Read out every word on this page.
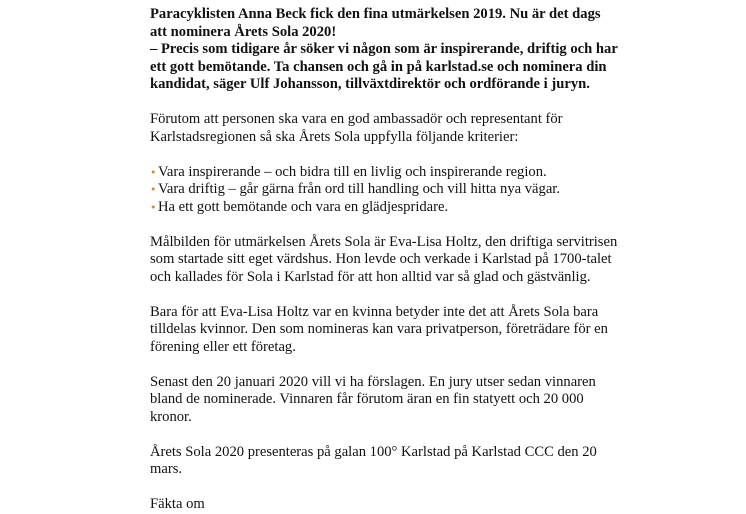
Paracyklisten Anna Beck fick den fina utmärkelsen 2019. Nu är det dags att nominera Årets Sola 2020!

– Precis som tidigare år söker vi någon som är inspirerande, driftig och har ett gott bemötande. Ta chansen och gå in på karlstad.se och nominera din kandidat, säger Ulf Johansson, tillväxtdirektör och ordförande i juryn.

Förutom att personen ska vara en god ambassadör och representant för Karlstadsregionen så ska Årets Sola uppfylla följande kriterier:

• Vara inspirerande – och bidra till en livlig och inspirerande region.
• Vara driftig – går gärna från ord till handling och vill hitta nya vägar.
• Ha ett gott bemötande och vara en glädjespridare.

Målbilden för utmärkelsen Årets Sola är Eva-Lisa Holtz, den driftiga servitrisen som startade sitt eget värdshus. Hon levde och verkade i Karlstad på 1700-talet och kallades för Sola i Karlstad för att hon alltid var så glad och gästvänlig.

Bara för att Eva-Lisa Holtz var en kvinna betyder inte det att Årets Sola bara tilldelas kvinnor. Den som nomineras kan vara privatperson, företrädare för en förening eller ett företag.

Senast den 20 januari 2020 vill vi ha förslagen. En jury utser sedan vinnaren bland de nominerade. Vinnaren får förutom äran en fin statyett och 20 000 kronor.

Årets Sola 2020 presenteras på galan 100° Karlstad på Karlstad CCC den 20 mars.

Fäkta om
